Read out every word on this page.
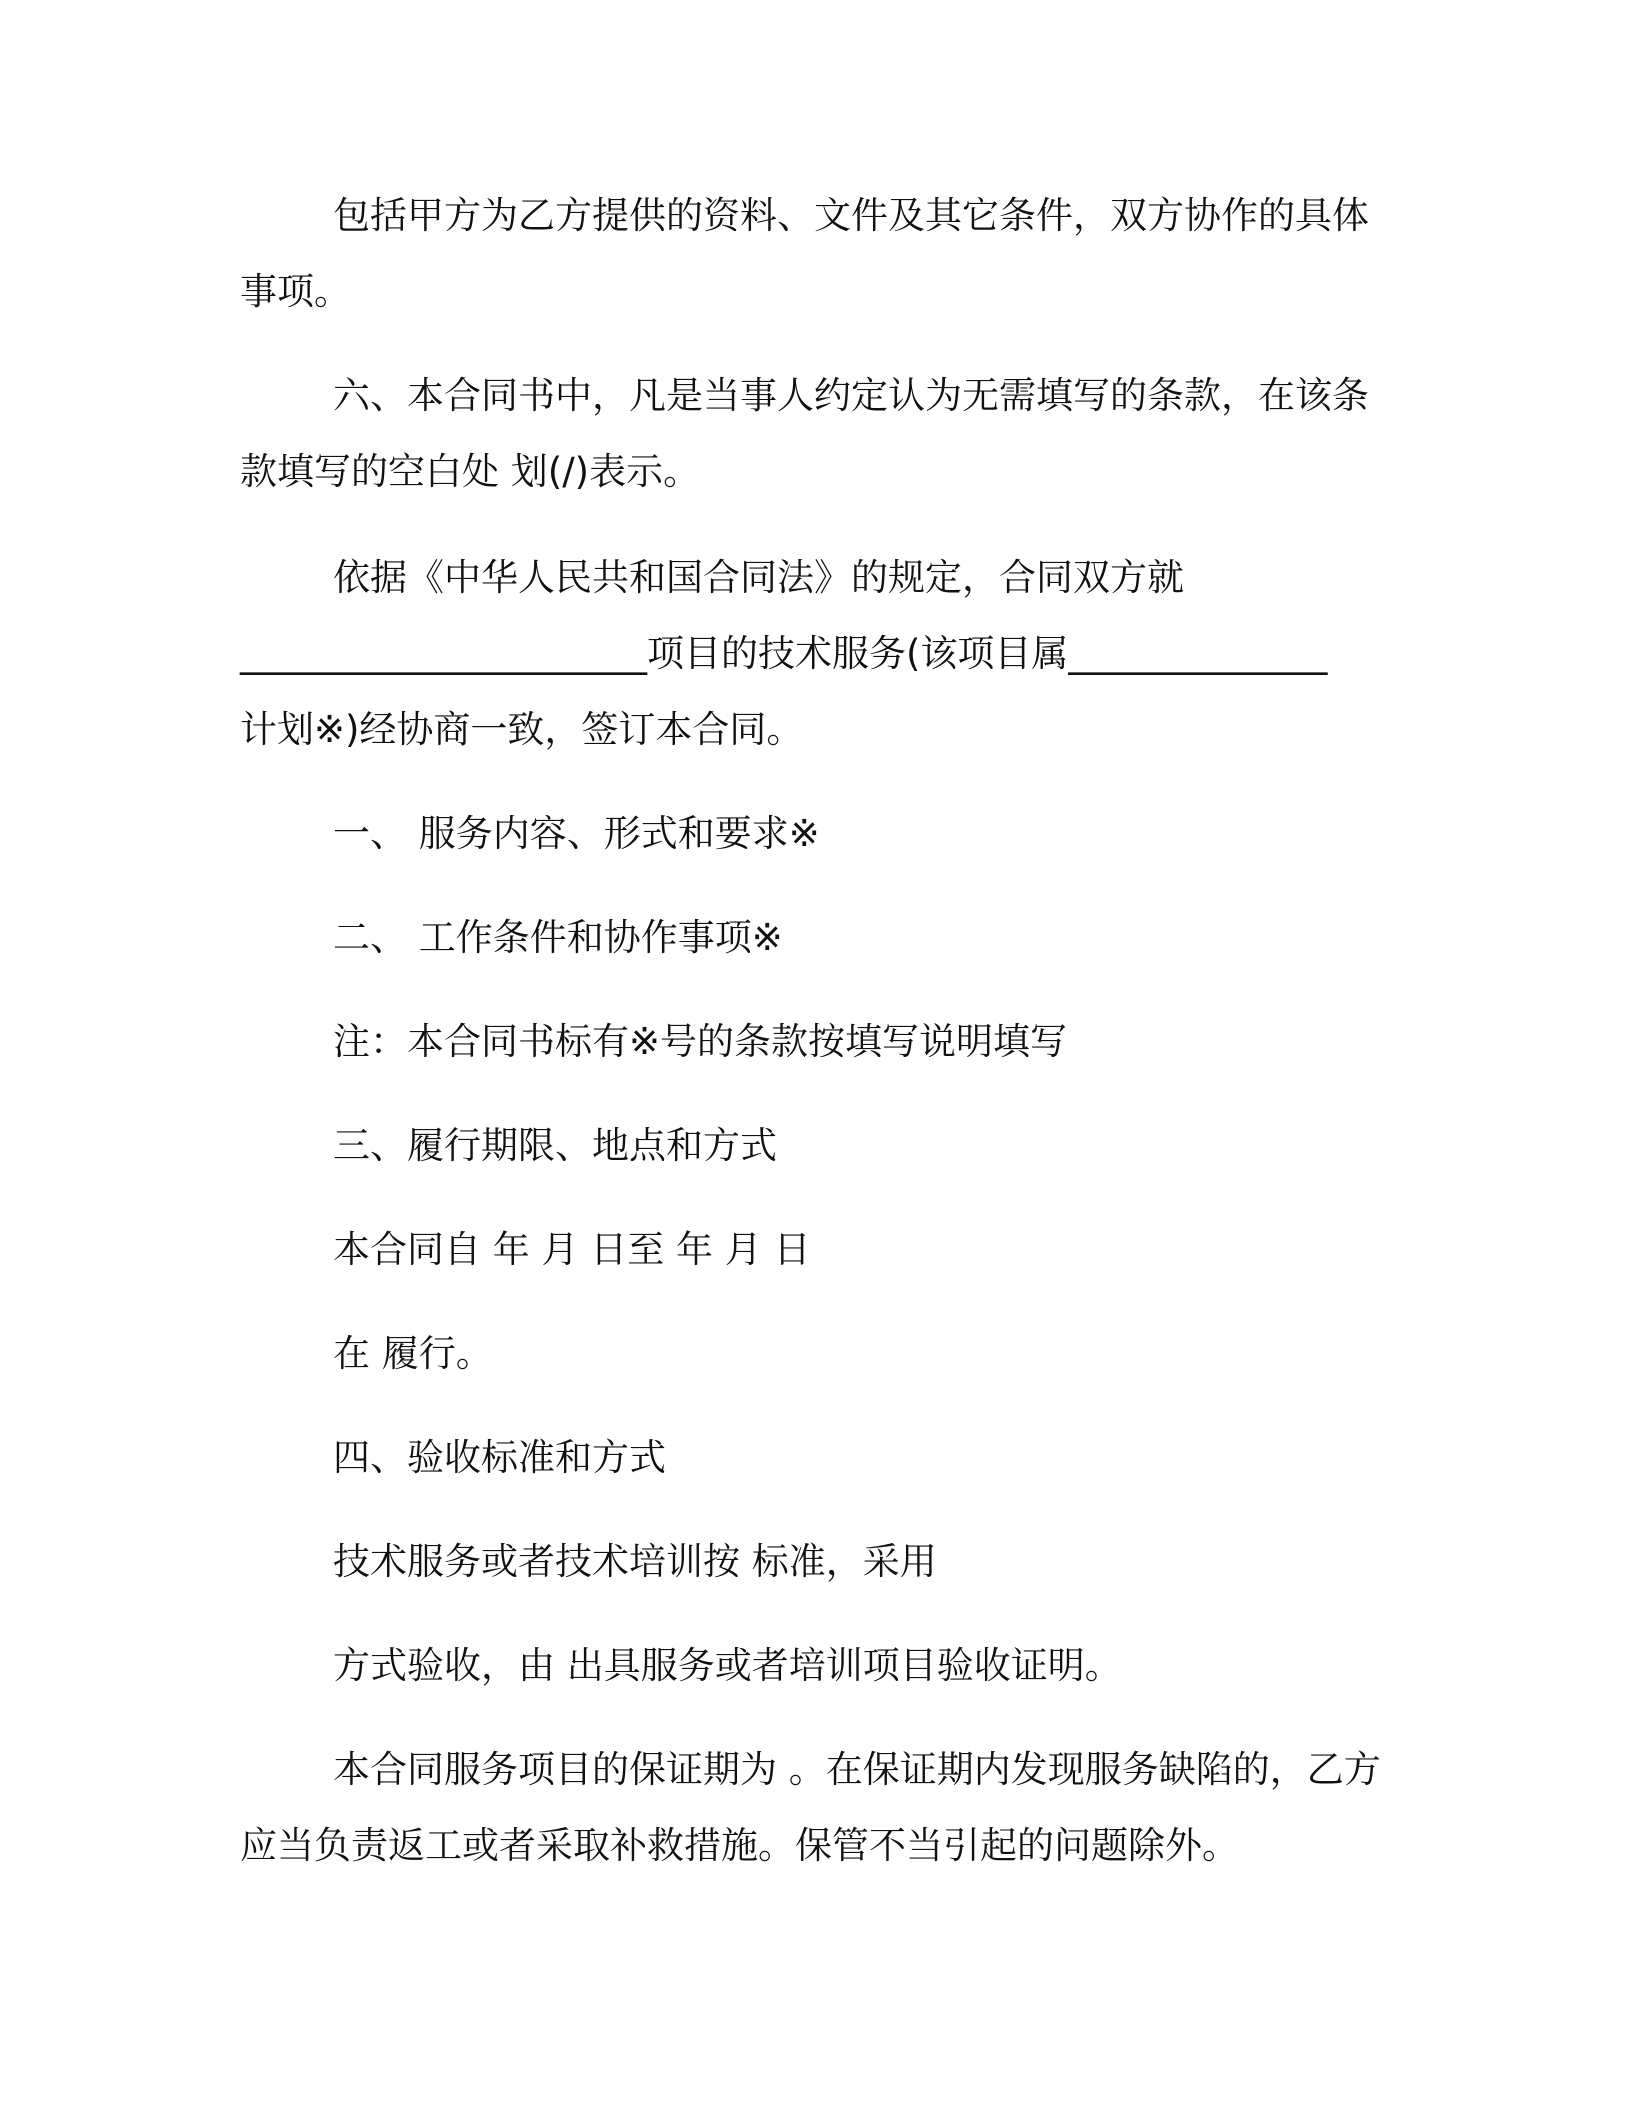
包括甲方为乙方提供的资料、文件及其它条件，双方协作的具体
事项。
六、本合同书中，凡是当事人约定认为无需填写的条款，在该条
款填写的空白处 划(/)表示。
依据《中华人民共和国合同法》的规定，合同双方就
______________________项目的技术服务(该项目属______________
计划※)经协商一致，签订本合同。
一、 服务内容、形式和要求※
二、 工作条件和协作事项※
注：本合同书标有※号的条款按填写说明填写
三、履行期限、地点和方式
本合同自 年 月 日至 年 月 日
在 履行。
四、验收标准和方式
技术服务或者技术培训按 标准，采用
方式验收，由 出具服务或者培训项目验收证明。
本合同服务项目的保证期为 。在保证期内发现服务缺陷的，乙方
应当负责返工或者采取补救措施。保管不当引起的问题除外。
